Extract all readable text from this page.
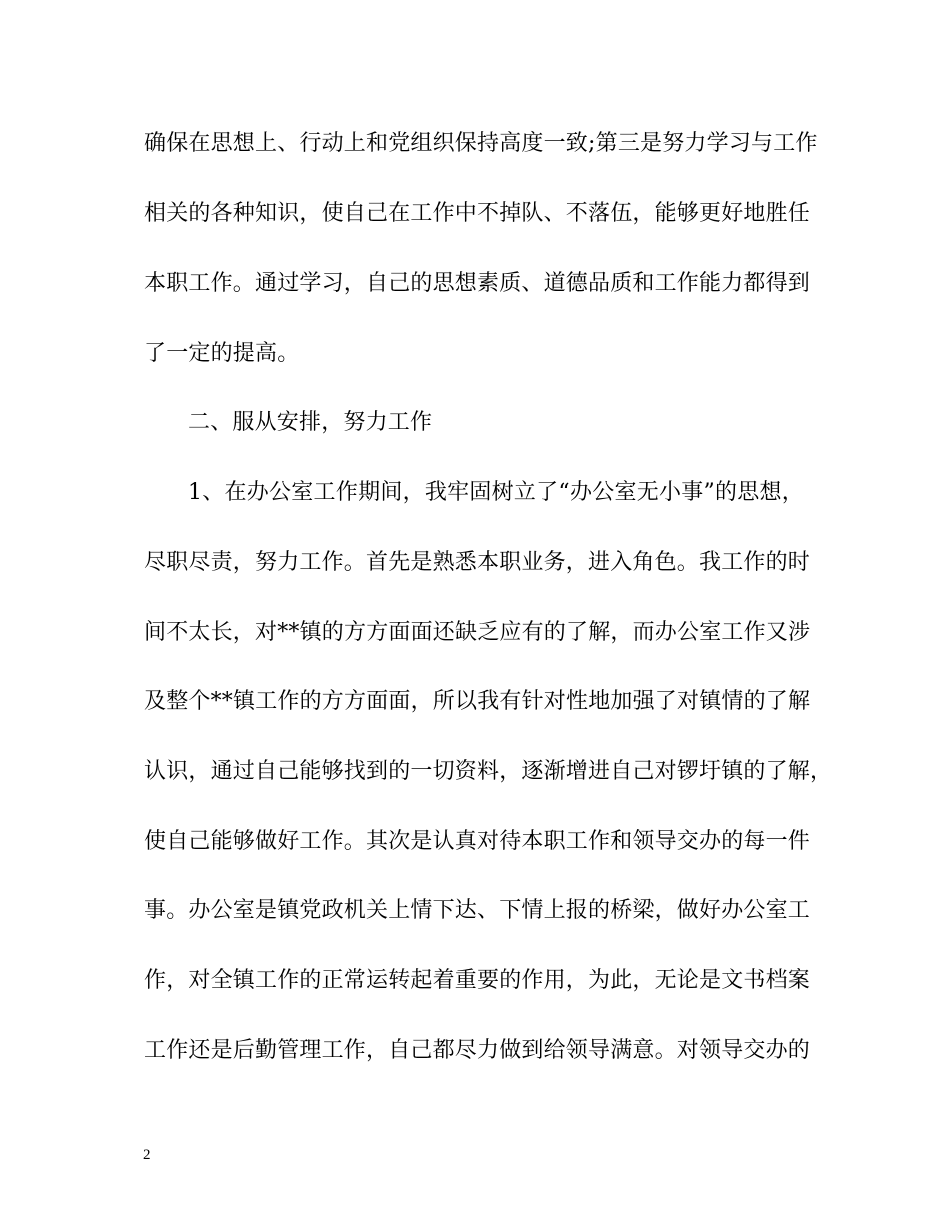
确保在思想上、行动上和党组织保持高度一致;第三是努力学习与工作
相关的各种知识，使自己在工作中不掉队、不落伍，能够更好地胜任
本职工作。通过学习，自己的思想素质、道德品质和工作能力都得到
了一定的提高。
二、服从安排，努力工作
1、在办公室工作期间，我牢固树立了“办公室无小事”的思想，
尽职尽责，努力工作。首先是熟悉本职业务，进入角色。我工作的时
间不太长，对**镇的方方面面还缺乏应有的了解，而办公室工作又涉
及整个**镇工作的方方面面，所以我有针对性地加强了对镇情的了解
认识，通过自己能够找到的一切资料，逐渐增进自己对锣圩镇的了解，
使自己能够做好工作。其次是认真对待本职工作和领导交办的每一件
事。办公室是镇党政机关上情下达、下情上报的桥梁，做好办公室工
作，对全镇工作的正常运转起着重要的作用，为此，无论是文书档案
工作还是后勤管理工作，自己都尽力做到给领导满意。对领导交办的
2
